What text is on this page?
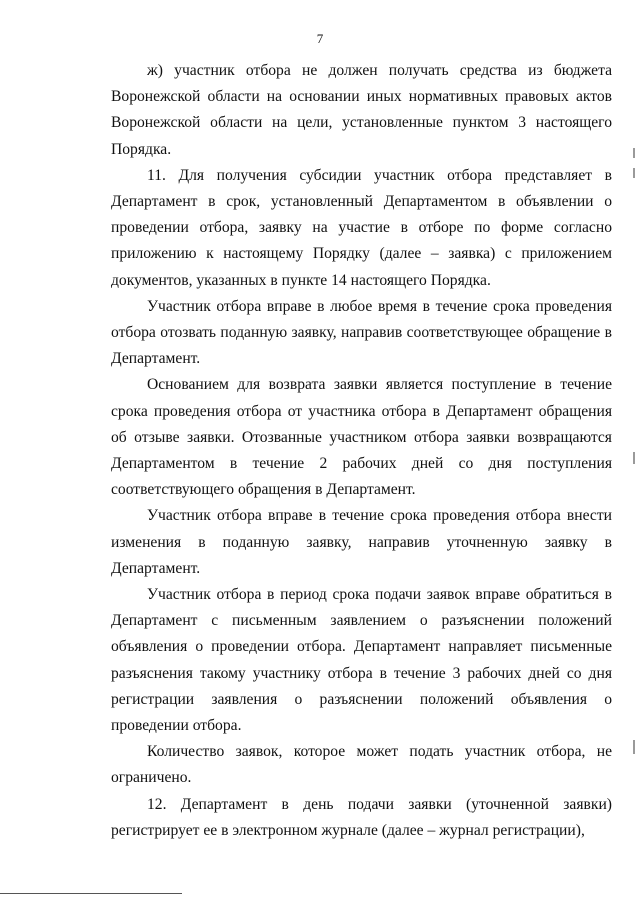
7

ж) участник отбора не должен получать средства из бюджета Воронежской области на основании иных нормативных правовых актов Воронежской области на цели, установленные пунктом 3 настоящего Порядка.

11. Для получения субсидии участник отбора представляет в Департамент в срок, установленный Департаментом в объявлении о проведении отбора, заявку на участие в отборе по форме согласно приложению к настоящему Порядку (далее – заявка) с приложением документов, указанных в пункте 14 настоящего Порядка.

Участник отбора вправе в любое время в течение срока проведения отбора отозвать поданную заявку, направив соответствующее обращение в Департамент.

Основанием для возврата заявки является поступление в течение срока проведения отбора от участника отбора в Департамент обращения об отзыве заявки. Отозванные участником отбора заявки возвращаются Департаментом в течение 2 рабочих дней со дня поступления соответствующего обращения в Департамент.

Участник отбора вправе в течение срока проведения отбора внести изменения в поданную заявку, направив уточненную заявку в Департамент.

Участник отбора в период срока подачи заявок вправе обратиться в Департамент с письменным заявлением о разъяснении положений объявления о проведении отбора. Департамент направляет письменные разъяснения такому участнику отбора в течение 3 рабочих дней со дня регистрации заявления о разъяснении положений объявления о проведении отбора.

Количество заявок, которое может подать участник отбора, не ограничено.

12. Департамент в день подачи заявки (уточненной заявки) регистрирует ее в электронном журнале (далее – журнал регистрации),
